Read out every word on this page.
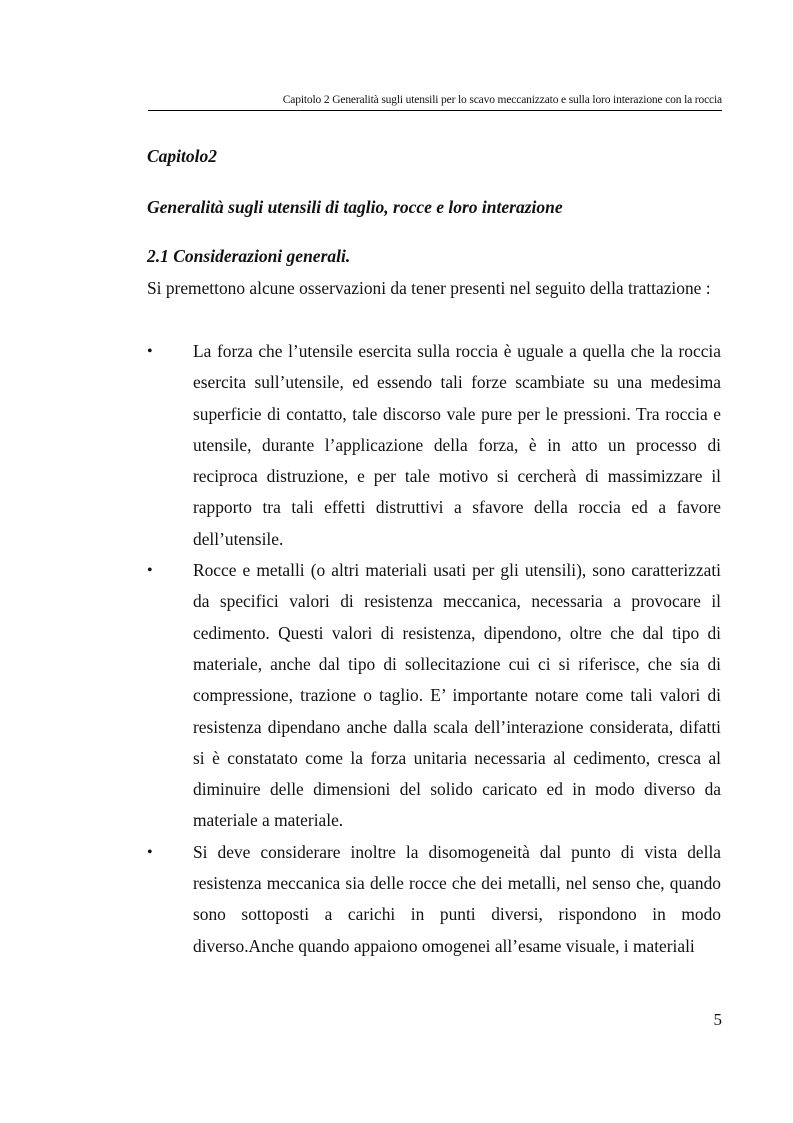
Capitolo 2 Generalità sugli utensili per lo scavo meccanizzato e sulla loro interazione con la roccia
Capitolo2
Generalità sugli utensili di taglio, rocce e loro interazione
2.1 Considerazioni generali.

Si premettono alcune osservazioni da tener presenti nel seguito della trattazione :

• La forza che l’utensile esercita sulla roccia è uguale a quella che la roccia esercita sull’utensile, ed essendo tali forze scambiate su una medesima superficie di contatto, tale discorso vale pure per le pressioni. Tra roccia e utensile, durante l’applicazione della forza, è in atto un processo di reciproca distruzione, e per tale motivo si cercherà di massimizzare il rapporto tra tali effetti distruttivi a sfavore della roccia ed a favore dell’utensile.
• Rocce e metalli (o altri materiali usati per gli utensili), sono caratterizzati da specifici valori di resistenza meccanica, necessaria a provocare il cedimento. Questi valori di resistenza, dipendono, oltre che dal tipo di materiale, anche dal tipo di sollecitazione cui ci si riferisce, che sia di compressione, trazione o taglio. E’ importante notare come tali valori di resistenza dipendano anche dalla scala dell’interazione considerata, difatti si è constatato come la forza unitaria necessaria al cedimento, cresca al diminuire delle dimensioni del solido caricato ed in modo diverso da materiale a materiale.
• Si deve considerare inoltre la disomogeneità dal punto di vista della resistenza meccanica sia delle rocce che dei metalli, nel senso che, quando sono sottoposti a carichi in punti diversi, rispondono in modo diverso.Anche quando appaiono omogenei all’esame visuale, i materiali
5
